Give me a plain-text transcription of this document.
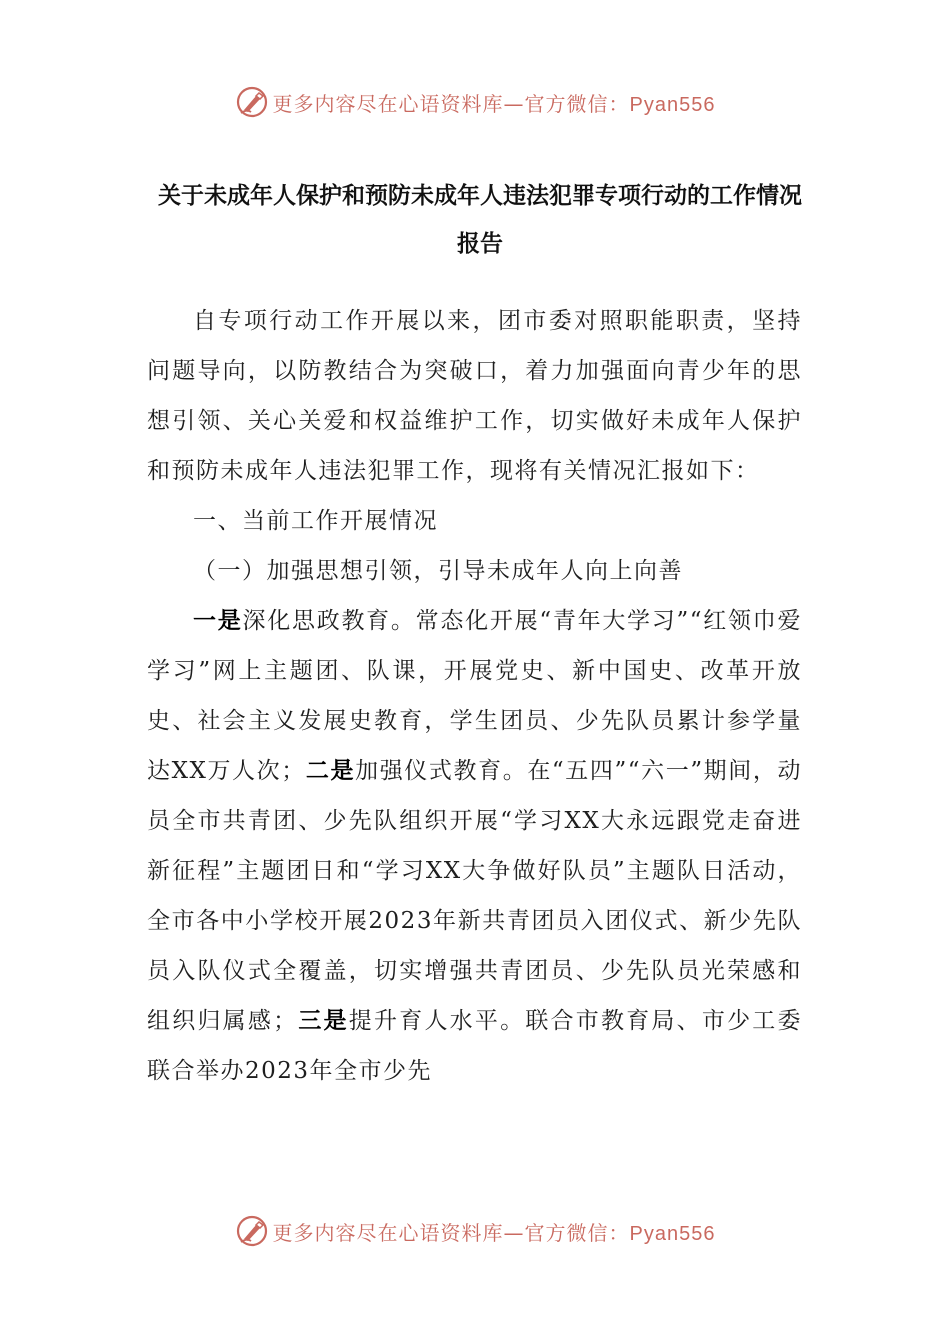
更多内容尽在心语资料库—官方微信：Pyan556
关于未成年人保护和预防未成年人违法犯罪专项行动的工作情况报告

自专项行动工作开展以来，团市委对照职能职责，坚持问题导向，以防教结合为突破口，着力加强面向青少年的思想引领、关心关爱和权益维护工作，切实做好未成年人保护和预防未成年人违法犯罪工作，现将有关情况汇报如下：

一、当前工作开展情况

（一）加强思想引领，引导未成年人向上向善

一是深化思政教育。常态化开展“青年大学习”“红领巾爱学习”网上主题团、队课，开展党史、新中国史、改革开放史、社会主义发展史教育，学生团员、少先队员累计参学量达XX万人次；二是加强仪式教育。在“五四”“六一”期间，动员全市共青团、少先队组织开展“学习XX大永远跟党走奋进新征程”主题团日和“学习XX大争做好队员”主题队日活动，全市各中小学校开展2023年新共青团员入团仪式、新少先队员入队仪式全覆盖，切实增强共青团员、少先队员光荣感和组织归属感；三是提升育人水平。联合市教育局、市少工委联合举办2023年全市少先

更多内容尽在心语资料库—官方微信：Pyan556
